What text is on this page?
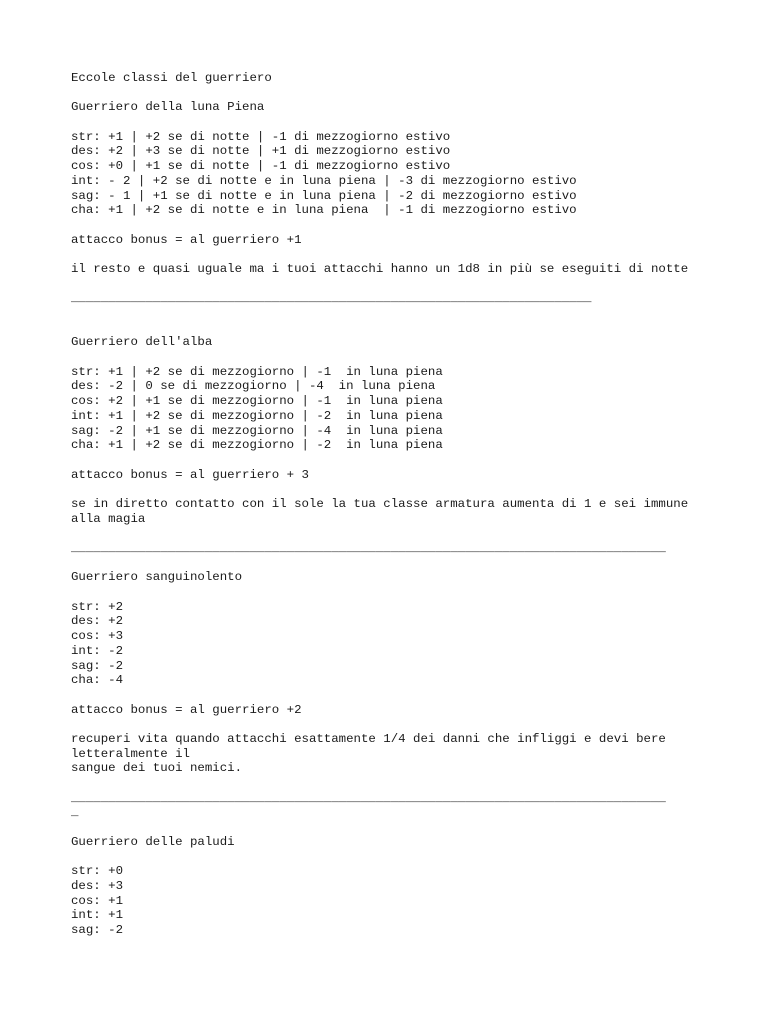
Eccole classi del guerriero
Guerriero della luna Piena
str: +1 | +2 se di notte | -1 di mezzogiorno estivo
des: +2 | +3 se di notte | +1 di mezzogiorno estivo
cos: +0 | +1 se di notte | -1 di mezzogiorno estivo
int: - 2 | +2 se di notte e in luna piena | -3 di mezzogiorno estivo
sag: - 1 | +1 se di notte e in luna piena | -2 di mezzogiorno estivo
cha: +1 | +2 se di notte e in luna piena  | -1 di mezzogiorno estivo
attacco bonus = al guerriero +1
il resto e quasi uguale ma i tuoi attacchi hanno un 1d8 in più se eseguiti di notte
______________________________________________________________________
Guerriero dell'alba
str: +1 | +2 se di mezzogiorno | -1  in luna piena
des: -2 | 0 se di mezzogiorno | -4  in luna piena
cos: +2 | +1 se di mezzogiorno | -1  in luna piena
int: +1 | +2 se di mezzogiorno | -2  in luna piena
sag: -2 | +1 se di mezzogiorno | -4  in luna piena
cha: +1 | +2 se di mezzogiorno | -2  in luna piena
attacco bonus = al guerriero + 3
se in diretto contatto con il sole la tua classe armatura aumenta di 1 e sei immune
alla magia
________________________________________________________________________________
Guerriero sanguinolento
str: +2
des: +2
cos: +3
int: -2
sag: -2
cha: -4
attacco bonus = al guerriero +2
recuperi vita quando attacchi esattamente 1/4 dei danni che infliggi e devi bere
letteralmente il
sangue dei tuoi nemici.
________________________________________________________________________________
_
Guerriero delle paludi
str: +0
des: +3
cos: +1
int: +1
sag: -2
